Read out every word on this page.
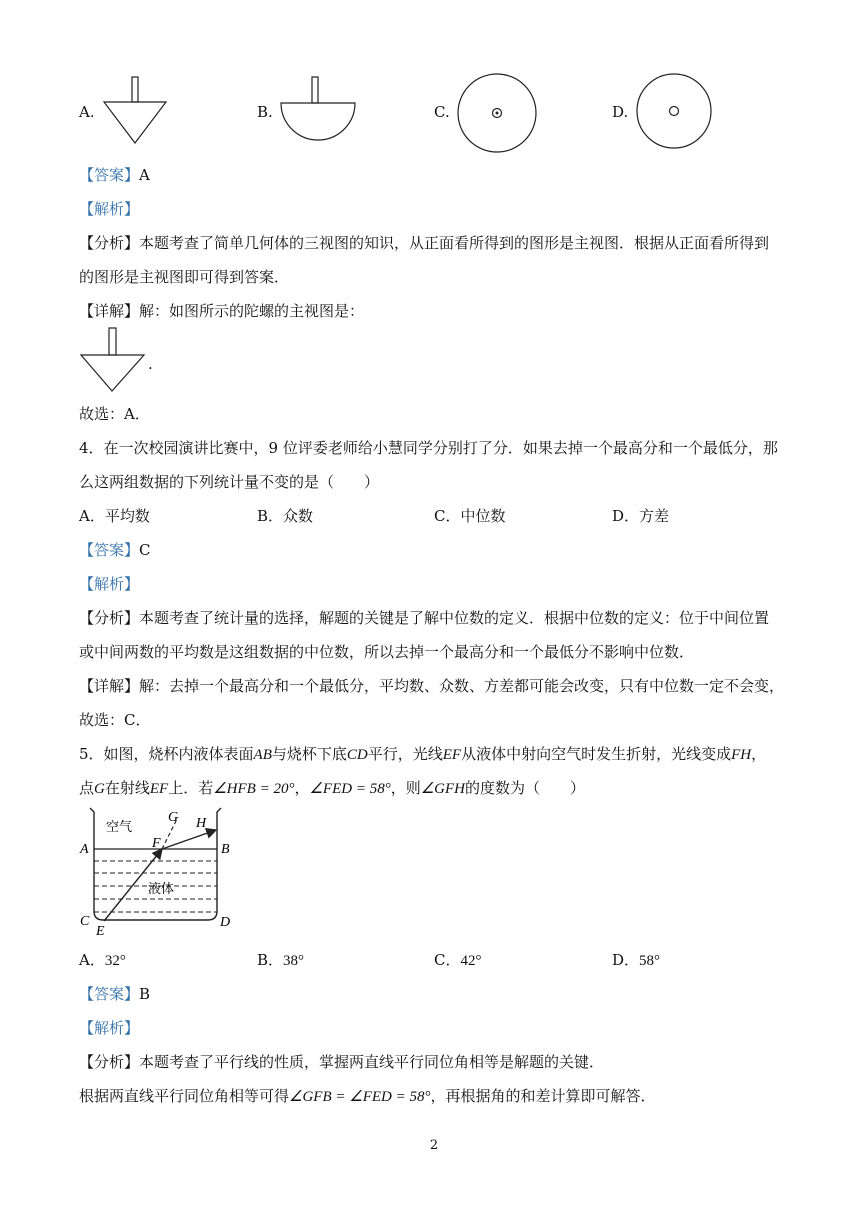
A.	B.	C.	D.
【答案】A
【解析】
【分析】本题考查了简单几何体的三视图的知识，从正面看所得到的图形是主视图．根据从正面看所得到
的图形是主视图即可得到答案．
【详解】解：如图所示的陀螺的主视图是：
.
故选：A．
4．在一次校园演讲比赛中，9 位评委老师给小慧同学分别打了分．如果去掉一个最高分和一个最低分，那
么这两组数据的下列统计量不变的是（　　）
A．平均数	B．众数	C．中位数	D．方差
【答案】C
【解析】
【分析】本题考查了统计量的选择，解题的关键是了解中位数的定义．根据中位数的定义：位于中间位置
或中间两数的平均数是这组数据的中位数，所以去掉一个最高分和一个最低分不影响中位数．
【详解】解：去掉一个最高分和一个最低分，平均数、众数、方差都可能会改变，只有中位数一定不会变，
故选：C．
5．如图，烧杯内液体表面AB与烧杯下底CD平行，光线EF从液体中射向空气时发生折射，光线变成FH，
点G在射线EF上．若∠HFB = 20°，∠FED = 58°，则∠GFH的度数为（　　）
空气
液体
A	B
C	D
E
F
G H
A．32°	B．38°	C．42°	D．58°
【答案】B
【解析】
【分析】本题考查了平行线的性质，掌握两直线平行同位角相等是解题的关键．
根据两直线平行同位角相等可得∠GFB = ∠FED = 58°，再根据角的和差计算即可解答．
2
